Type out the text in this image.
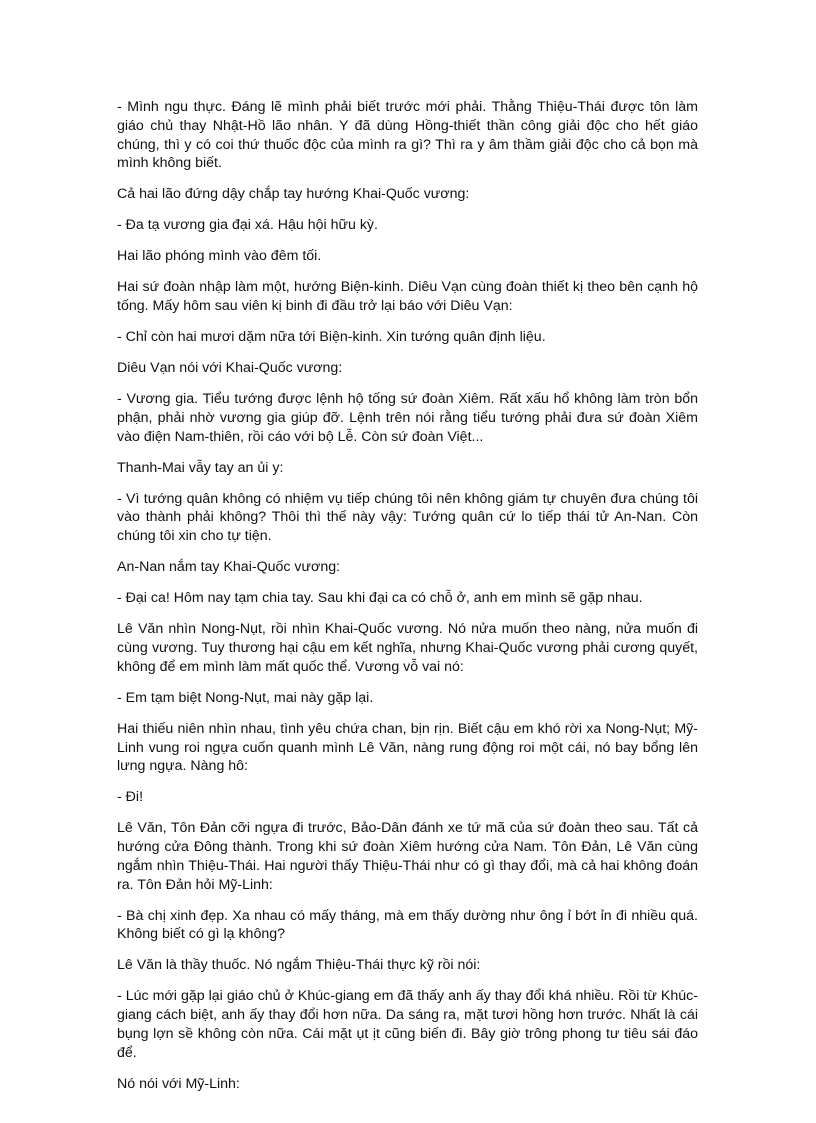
- Mình ngu thực. Đáng lẽ mình phải biết trước mới phải. Thằng Thiệu-Thái được tôn làm giáo chủ thay Nhật-Hồ lão nhân. Y đã dùng Hồng-thiết thần công giải độc cho hết giáo chúng, thì y có coi thứ thuốc độc của mình ra gì? Thì ra y âm thầm giải độc cho cả bọn mà mình không biết.

Cả hai lão đứng dậy chắp tay hướng Khai-Quốc vương:

- Đa tạ vương gia đại xá. Hậu hội hữu kỳ.

Hai lão phóng mình vào đêm tối.

Hai sứ đoàn nhập làm một, hướng Biện-kinh. Diêu Vạn cùng đoàn thiết kị theo bên cạnh hộ tống. Mấy hôm sau viên kị binh đi đầu trở lại báo với Diêu Vạn:

- Chỉ còn hai mươi dặm nữa tới Biện-kinh. Xin tướng quân định liệu.

Diêu Vạn nói với Khai-Quốc vương:

- Vương gia. Tiểu tướng được lệnh hộ tống sứ đoàn Xiêm. Rất xấu hổ không làm tròn bổn phận, phải nhờ vương gia giúp đỡ. Lệnh trên nói rằng tiểu tướng phải đưa sứ đoàn Xiêm vào điện Nam-thiên, rồi cáo với bộ Lễ. Còn sứ đoàn Việt...

Thanh-Mai vẫy tay an ủi y:

- Vì tướng quân không có nhiệm vụ tiếp chúng tôi nên không giám tự chuyên đưa chúng tôi vào thành phải không? Thôi thì thế này vậy: Tướng quân cứ lo tiếp thái tử An-Nan. Còn chúng tôi xin cho tự tiện.

An-Nan nắm tay Khai-Quốc vương:

- Đại ca! Hôm nay tạm chia tay. Sau khi đại ca có chỗ ở, anh em mình sẽ gặp nhau.

Lê Văn nhìn Nong-Nụt, rồi nhìn Khai-Quốc vương. Nó nửa muốn theo nàng, nửa muốn đi cùng vương. Tuy thương hại cậu em kết nghĩa, nhưng Khai-Quốc vương phải cương quyết, không để em mình làm mất quốc thể. Vương vỗ vai nó:

- Em tạm biệt Nong-Nụt, mai này gặp lại.

Hai thiếu niên nhìn nhau, tình yêu chứa chan, bịn rịn. Biết cậu em khó rời xa Nong-Nụt; Mỹ-Linh vung roi ngựa cuốn quanh mình Lê Văn, nàng rung động roi một cái, nó bay bổng lên lưng ngựa. Nàng hô:

- Đi!

Lê Văn, Tôn Đản cỡi ngựa đi trước, Bảo-Dân đánh xe tứ mã của sứ đoàn theo sau. Tất cả hướng cửa Đông thành. Trong khi sứ đoàn Xiêm hướng cửa Nam. Tôn Đản, Lê Văn cùng ngắm nhìn Thiệu-Thái. Hai người thấy Thiệu-Thái như có gì thay đổi, mà cả hai không đoán ra. Tôn Đản hỏi Mỹ-Linh:

- Bà chị xinh đẹp. Xa nhau có mấy tháng, mà em thấy dường như ông ỉ bớt ỉn đi nhiều quá. Không biết có gì lạ không?

Lê Văn là thầy thuốc. Nó ngắm Thiệu-Thái thực kỹ rồi nói:

- Lúc mới gặp lại giáo chủ ở Khúc-giang em đã thấy anh ấy thay đổi khá nhiều. Rồi từ Khúc-giang cách biệt, anh ấy thay đổi hơn nữa. Da sáng ra, mặt tươi hồng hơn trước. Nhất là cái bụng lợn sề không còn nữa. Cái mặt ụt ịt cũng biến đi. Bây giờ trông phong tư tiêu sái đáo để.

Nó nói với Mỹ-Linh:
